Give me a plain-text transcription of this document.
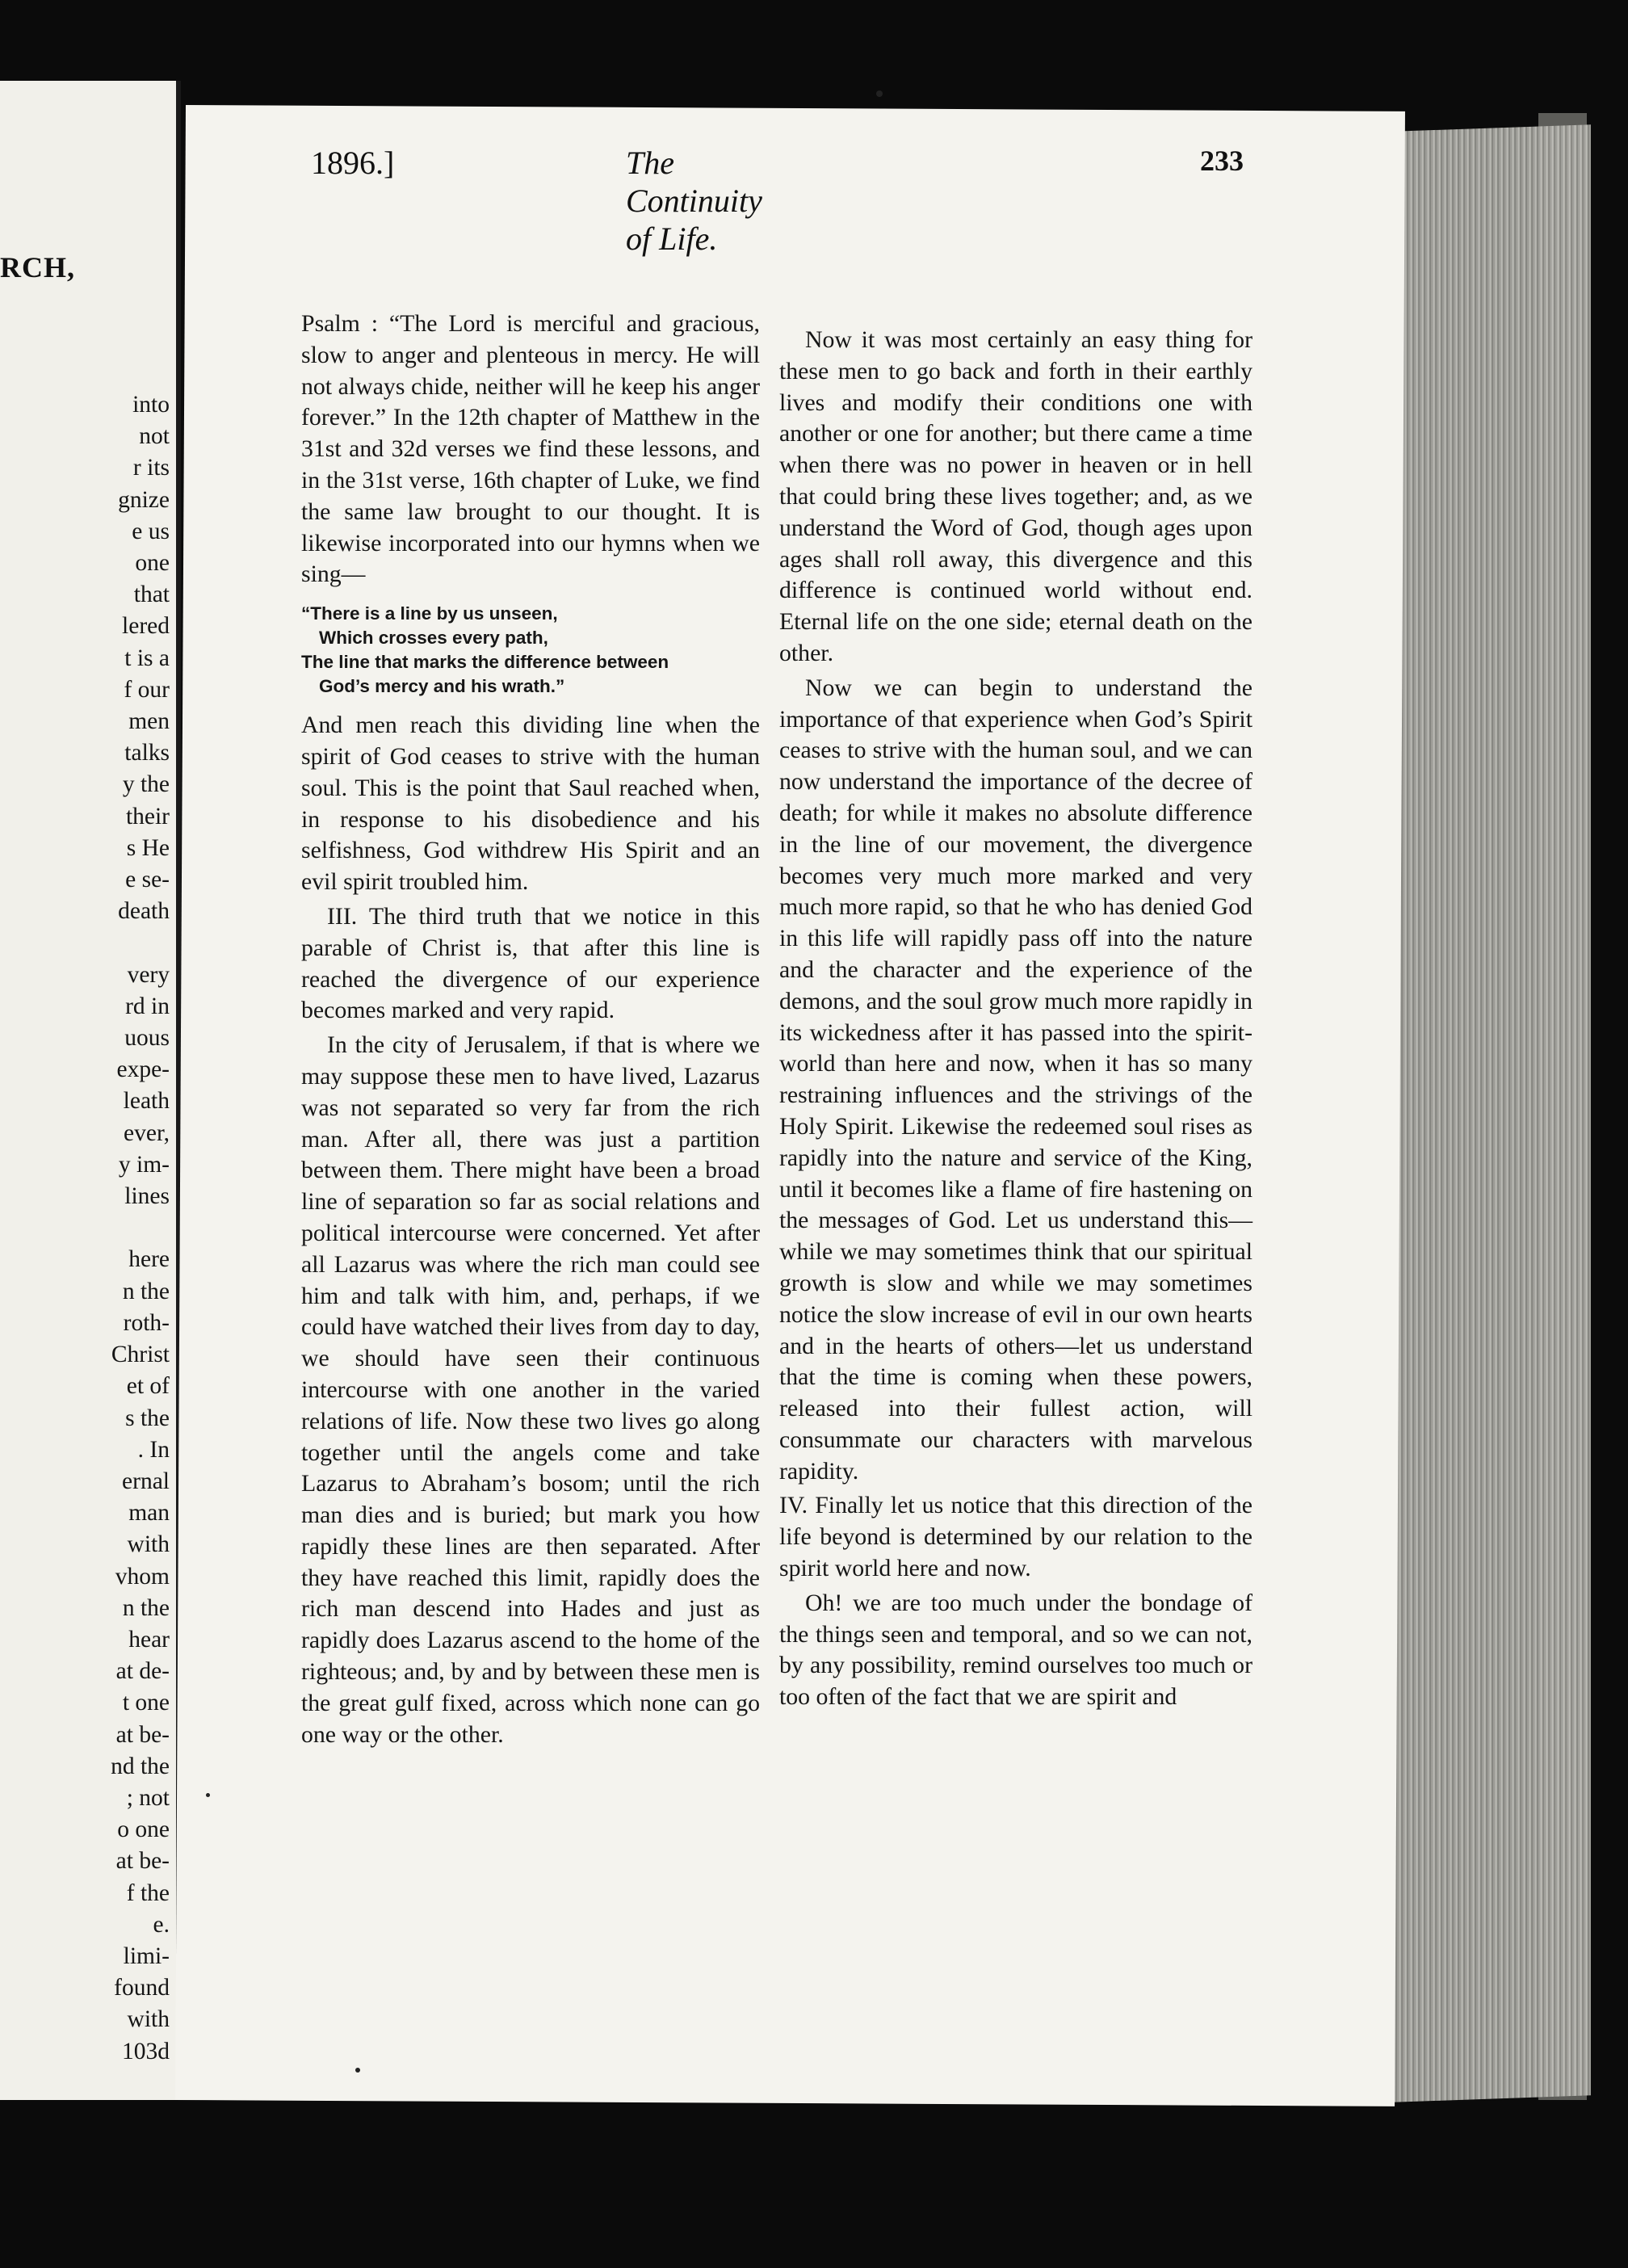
RCH,
into
not
r its
gnize
e us
one
that
lered
t is a
f our
men
talks
y the
their
s He
e se-
death

very
rd in
uous
expe-
leath
ever,
y im-
lines

here
n the
roth-
Christ
et of
s the
. In
ernal
man
with
vhom
n the
hear
at de-
t one
at be-
nd the
; not
o one
at be-
f the
e.
limi-
found
with
103d
1896.]	The Continuity of Life.
233

Psalm : “The Lord is merciful and gracious, slow to anger and plenteous in mercy. He will not always chide, neither will he keep his anger forever.” In the 12th chapter of Matthew in the 31st and 32d verses we find these lessons, and in the 31st verse, 16th chapter of Luke, we find the same law brought to our thought. It is likewise incorporated into our hymns when we sing—

“There is a line by us unseen,
Which crosses every path,
The line that marks the difference between
God’s mercy and his wrath.”

And men reach this dividing line when the spirit of God ceases to strive with the human soul. This is the point that Saul reached when, in response to his disobedience and his selfishness, God withdrew His Spirit and an evil spirit troubled him.

III. The third truth that we notice in this parable of Christ is, that after this line is reached the divergence of our experience becomes marked and very rapid.

In the city of Jerusalem, if that is where we may suppose these men to have lived, Lazarus was not separated so very far from the rich man. After all, there was just a partition between them. There might have been a broad line of separation so far as social relations and political intercourse were concerned. Yet after all Lazarus was where the rich man could see him and talk with him, and, perhaps, if we could have watched their lives from day to day, we should have seen their continuous intercourse with one another in the varied relations of life. Now these two lives go along together until the angels come and take Lazarus to Abraham’s bosom; until the rich man dies and is buried; but mark you how rapidly these lines are then separated. After they have reached this limit, rapidly does the rich man descend into Hades and just as rapidly does Lazarus ascend to the home of the righteous; and, by and by between these men is the great gulf fixed, across which none can go one way or the other.

Now it was most certainly an easy thing for these men to go back and forth in their earthly lives and modify their conditions one with another or one for another; but there came a time when there was no power in heaven or in hell that could bring these lives together; and, as we understand the Word of God, though ages upon ages shall roll away, this divergence and this difference is continued world without end. Eternal life on the one side; eternal death on the other.

Now we can begin to understand the importance of that experience when God’s Spirit ceases to strive with the human soul, and we can now understand the importance of the decree of death; for while it makes no absolute difference in the line of our movement, the divergence becomes very much more marked and very much more rapid, so that he who has denied God in this life will rapidly pass off into the nature and the character and the experience of the demons, and the soul grow much more rapidly in its wickedness after it has passed into the spirit-world than here and now, when it has so many restraining influences and the strivings of the Holy Spirit. Likewise the redeemed soul rises as rapidly into the nature and service of the King, until it becomes like a flame of fire hastening on the messages of God. Let us understand this—while we may sometimes think that our spiritual growth is slow and while we may sometimes notice the slow increase of evil in our own hearts and in the hearts of others—let us understand that the time is coming when these powers, released into their fullest action, will consummate our characters with marvelous rapidity.

IV. Finally let us notice that this direction of the life beyond is determined by our relation to the spirit world here and now.

Oh! we are too much under the bondage of the things seen and temporal, and so we can not, by any possibility, remind ourselves too much or too often of the fact that we are spirit and
